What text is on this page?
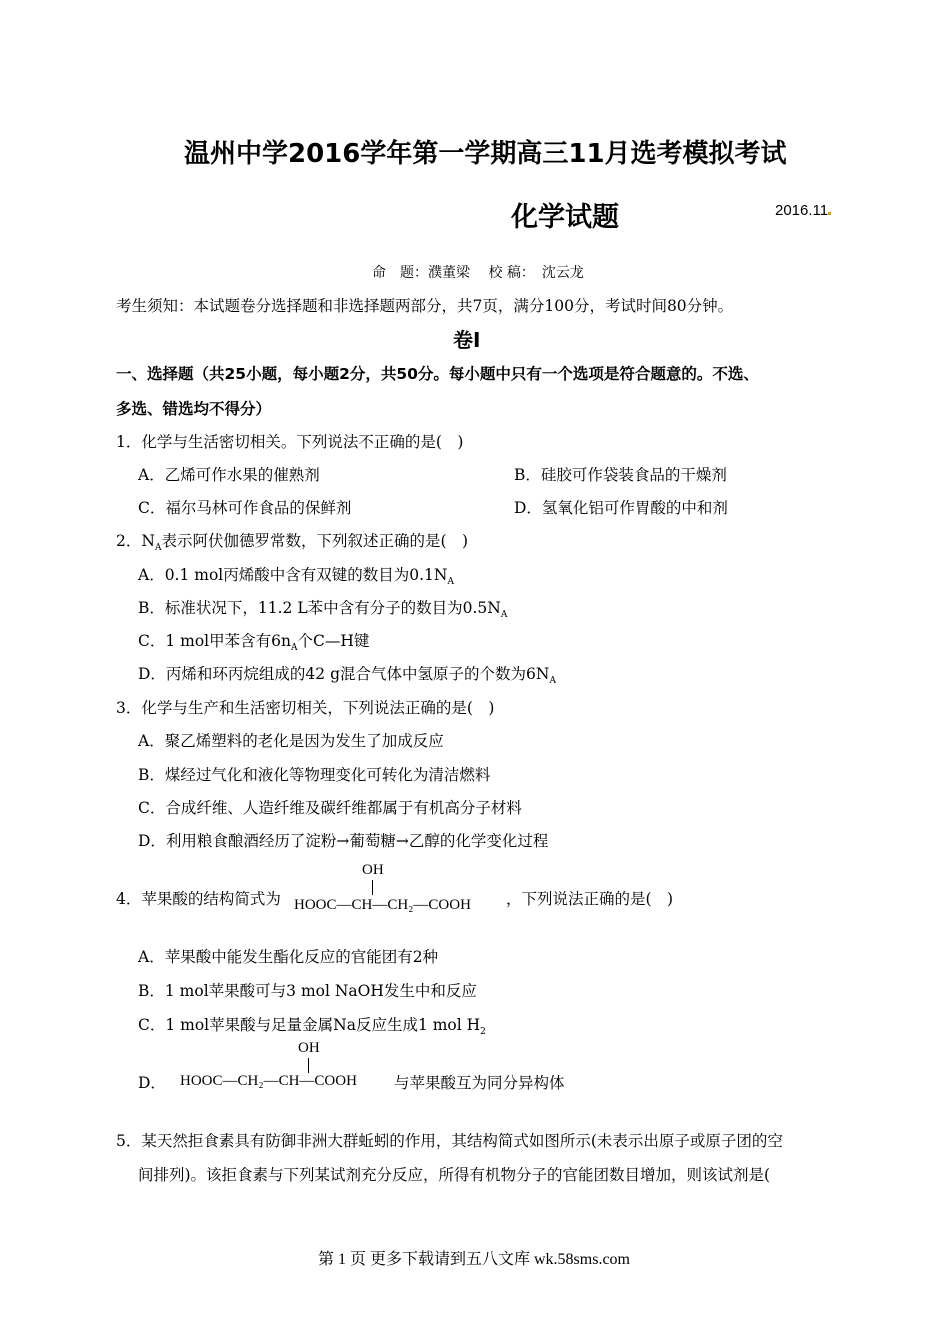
温州中学2016学年第一学期高三11月选考模拟考试
化学试题	2016.11
命　题：濮董梁　 校 稿：　沈云龙
考生须知：本试题卷分选择题和非选择题两部分，共7页，满分100分，考试时间80分钟。
卷Ⅰ
一、选择题（共25小题，每小题2分，共50分。每小题中只有一个选项是符合题意的。不选、
多选、错选均不得分）
1．化学与生活密切相关。下列说法不正确的是(　)
A．乙烯可作水果的催熟剂	B．硅胶可作袋装食品的干燥剂
C．福尔马林可作食品的保鲜剂	D．氢氧化铝可作胃酸的中和剂
2．$N_A$表示阿伏伽德罗常数，下列叙述正确的是(　)
A．0.1 mol丙烯酸中含有双键的数目为$0.1N_A$
B．标准状况下，11.2 L苯中含有分子的数目为$0.5N_A$
C．1 mol甲苯含有$6n_A$个C—H键
D．丙烯和环丙烷组成的42 g混合气体中氢原子的个数为$6N_A$
3．化学与生产和生活密切相关，下列说法正确的是(　)
A．聚乙烯塑料的老化是因为发生了加成反应
B．煤经过气化和液化等物理变化可转化为清洁燃料
C．合成纤维、人造纤维及碳纤维都属于有机高分子材料
D．利用粮食酿酒经历了淀粉→葡萄糖→乙醇的化学变化过程
4．苹果酸的结构简式为
OH
HOOC—CH—CH₂—COOH ，下列说法正确的是(　)
A．苹果酸中能发生酯化反应的官能团有2种
B．1 mol苹果酸可与3 mol NaOH发生中和反应
C．1 mol苹果酸与足量金属Na反应生成1 mol $H_2$
D．
OH
HOOC—CH₂—CH—COOH 与苹果酸互为同分异构体
5．某天然拒食素具有防御非洲大群蚯蚓的作用，其结构简式如图所示(未表示出原子或原子团的空
间排列)。该拒食素与下列某试剂充分反应，所得有机物分子的官能团数目增加，则该试剂是(
第 1 页 更多下载请到五八文库 wk.58sms.com
